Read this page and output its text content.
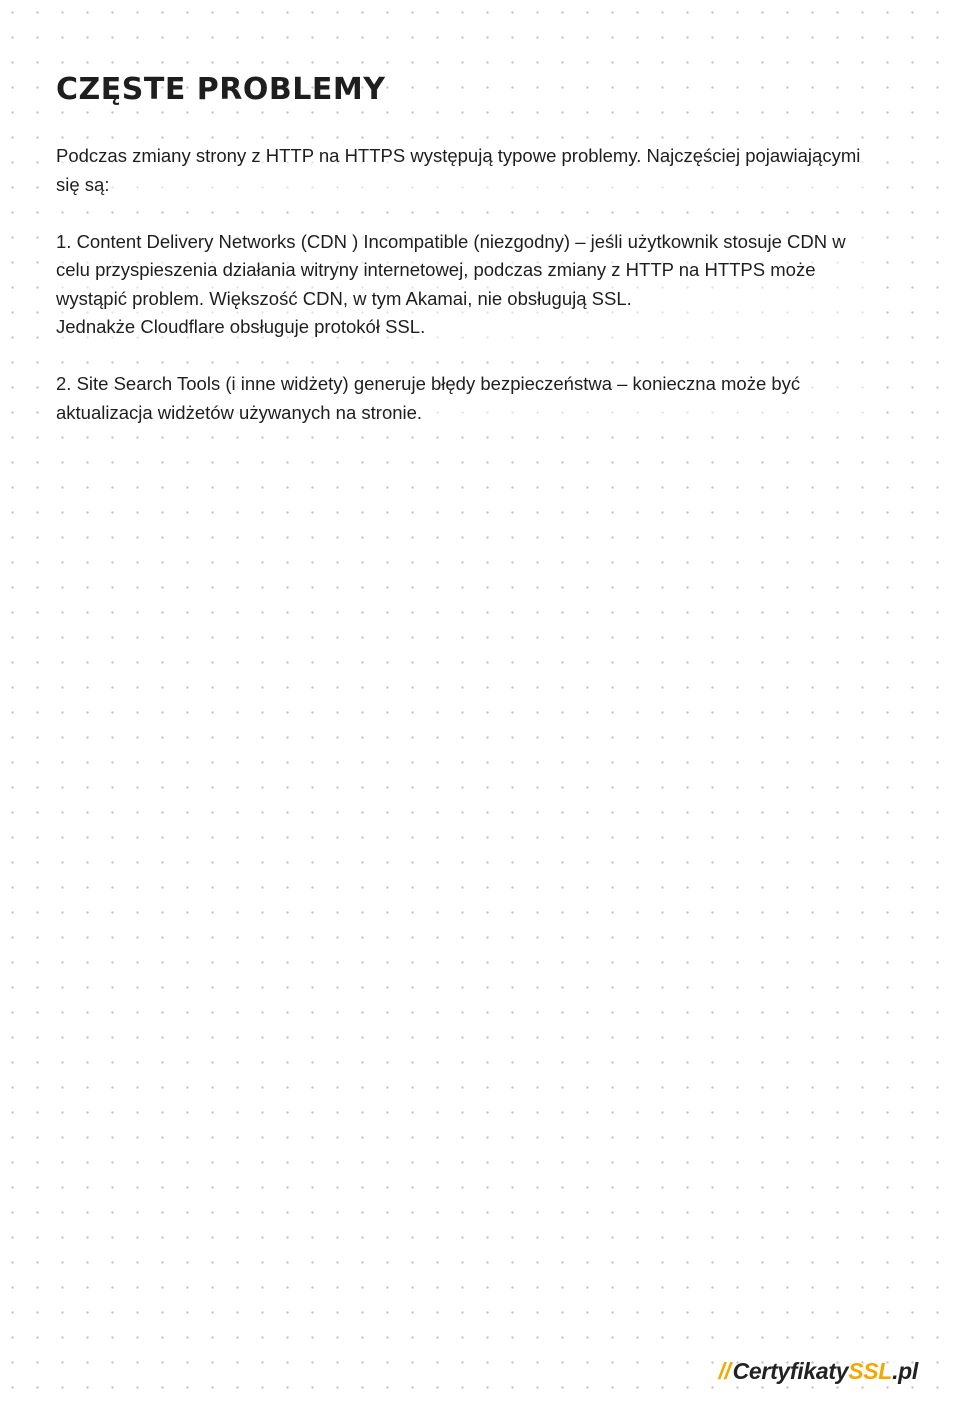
CZĘSTE PROBLEMY

Podczas zmiany strony z HTTP na HTTPS występują typowe problemy. Najczęściej pojawiającymi się są:

1. Content Delivery Networks (CDN ) Incompatible (niezgodny) – jeśli użytkownik stosuje CDN w celu przyspieszenia działania witryny internetowej, podczas zmiany z HTTP na HTTPS może wystąpić problem. Większość CDN, w tym Akamai, nie obsługują SSL.
Jednakże Cloudflare obsługuje protokół SSL.

2. Site Search Tools (i inne widżety) generuje błędy bezpieczeństwa – konieczna może być aktualizacja widżetów używanych na stronie.

// Certyfikaty SSL .pl
